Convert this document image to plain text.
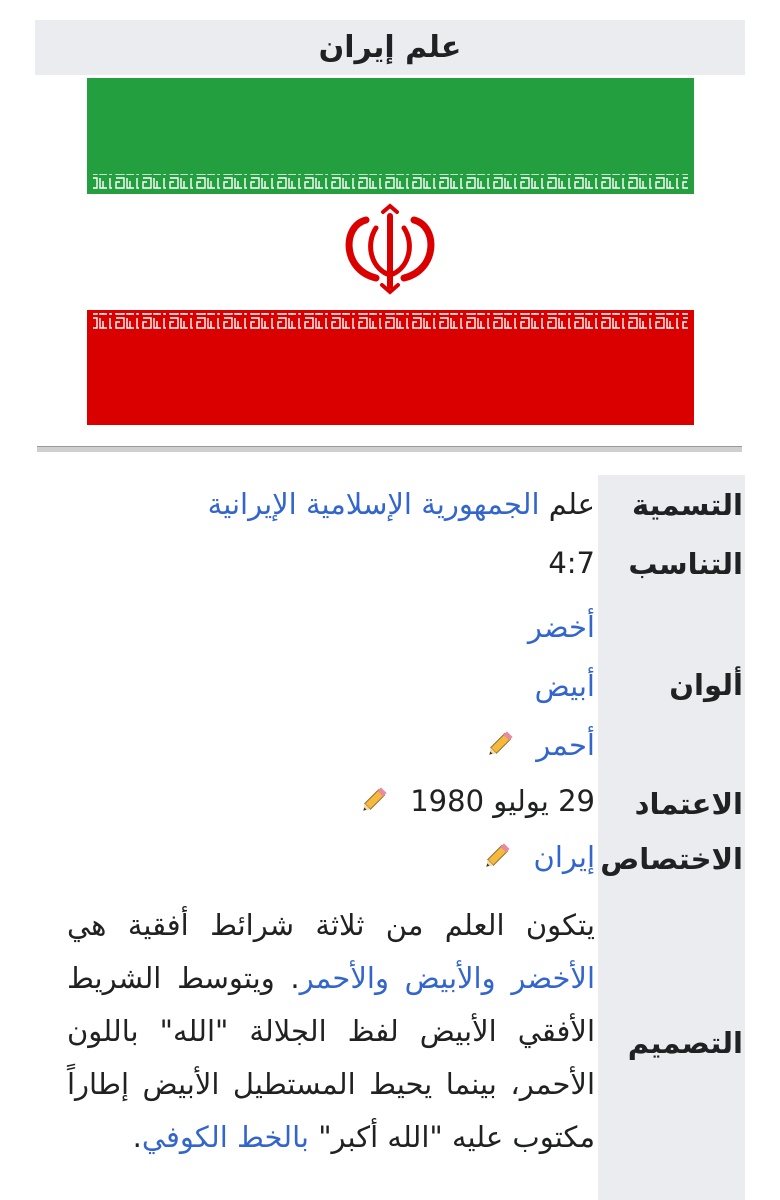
علم إيران
التسمية
علم الجمهورية الإسلامية الإيرانية
التناسب
4:7
ألوان
أخضر
أبيض
أحمر
الاعتماد
29 يوليو 1980
الاختصاص
إيران
التصميم
يتكون العلم من ثلاثة شرائط أفقية هي الأخضر والأبيض والأحمر. ويتوسط الشريط الأفقي الأبيض لفظ الجلالة "الله" باللون الأحمر، بينما يحيط المستطيل الأبيض إطاراً مكتوب عليه "الله أكبر" بالخط الكوفي.
